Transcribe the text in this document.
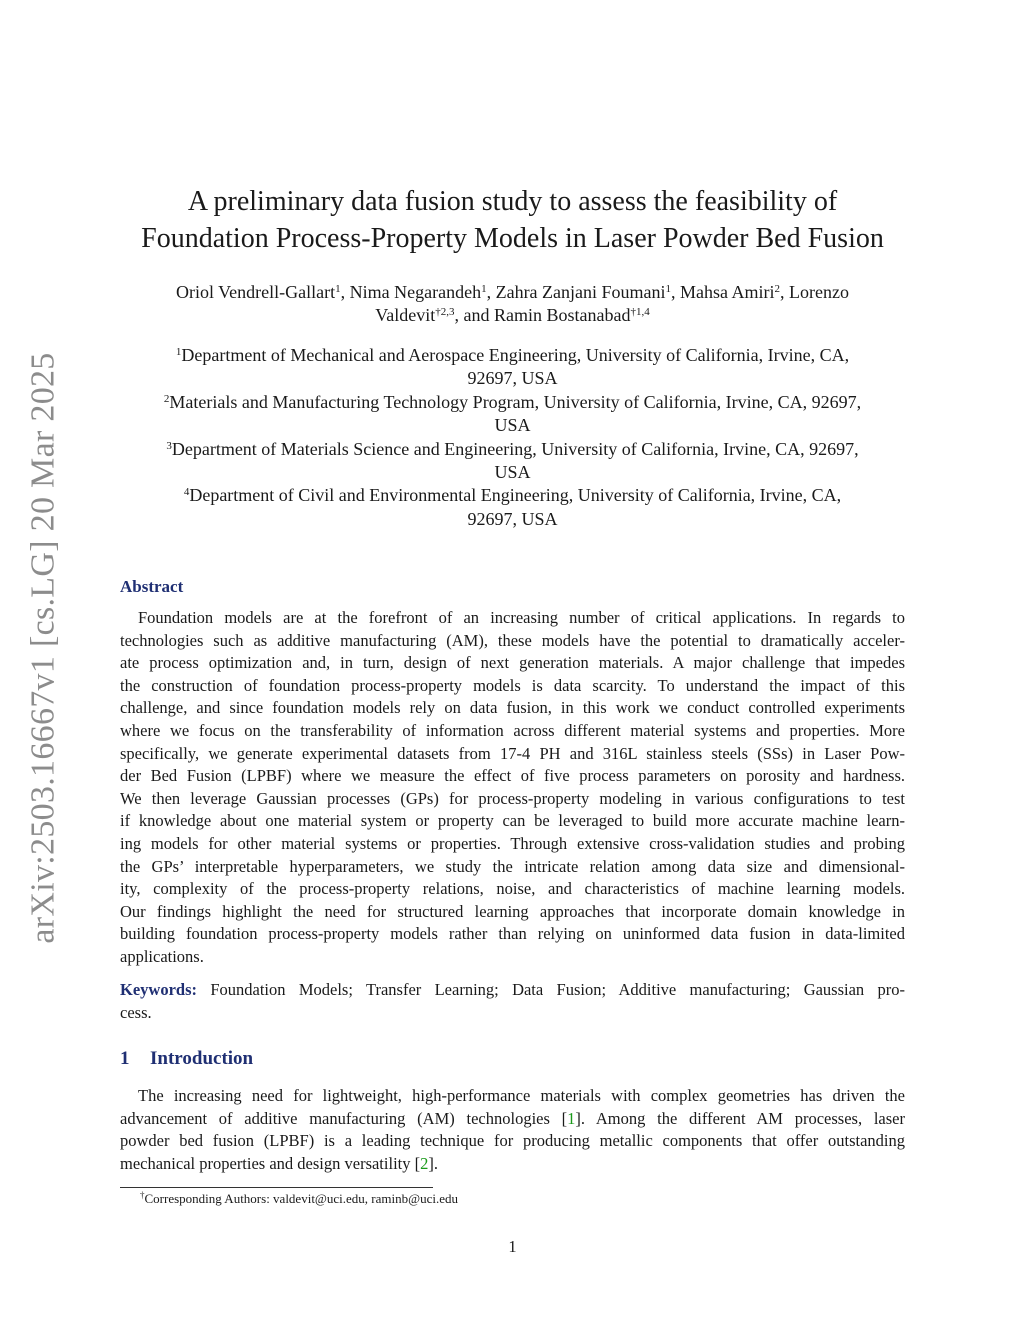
arXiv:2503.16667v1 [cs.LG] 20 Mar 2025
A preliminary data fusion study to assess the feasibility of
Foundation Process-Property Models in Laser Powder Bed Fusion
Oriol Vendrell-Gallart$^1$, Nima Negarandeh$^1$, Zahra Zanjani Foumani$^1$, Mahsa Amiri$^2$, Lorenzo
Valdevit$^{\dagger 2,3}$, and Ramin Bostanabad$^{\dagger 1,4}$
$^1$Department of Mechanical and Aerospace Engineering, University of California, Irvine, CA,
92697, USA
$^2$Materials and Manufacturing Technology Program, University of California, Irvine, CA, 92697,
USA
$^3$Department of Materials Science and Engineering, University of California, Irvine, CA, 92697,
USA
$^4$Department of Civil and Environmental Engineering, University of California, Irvine, CA,
92697, USA
Abstract
Foundation models are at the forefront of an increasing number of critical applications. In regards to
technologies such as additive manufacturing (AM), these models have the potential to dramatically acceler-
ate process optimization and, in turn, design of next generation materials. A major challenge that impedes
the construction of foundation process-property models is data scarcity. To understand the impact of this
challenge, and since foundation models rely on data fusion, in this work we conduct controlled experiments
where we focus on the transferability of information across different material systems and properties. More
specifically, we generate experimental datasets from 17-4 PH and 316L stainless steels (SSs) in Laser Pow-
der Bed Fusion (LPBF) where we measure the effect of five process parameters on porosity and hardness.
We then leverage Gaussian processes (GPs) for process-property modeling in various configurations to test
if knowledge about one material system or property can be leveraged to build more accurate machine learn-
ing models for other material systems or properties. Through extensive cross-validation studies and probing
the GPs’ interpretable hyperparameters, we study the intricate relation among data size and dimensional-
ity, complexity of the process-property relations, noise, and characteristics of machine learning models.
Our findings highlight the need for structured learning approaches that incorporate domain knowledge in
building foundation process-property models rather than relying on uninformed data fusion in data-limited
applications.
Keywords: Foundation Models; Transfer Learning; Data Fusion; Additive manufacturing; Gaussian pro-
cess.
1 Introduction
The increasing need for lightweight, high-performance materials with complex geometries has driven the
advancement of additive manufacturing (AM) technologies [1]. Among the different AM processes, laser
powder bed fusion (LPBF) is a leading technique for producing metallic components that offer outstanding
mechanical properties and design versatility [2].
†Corresponding Authors: valdevit@uci.edu, raminb@uci.edu
1
